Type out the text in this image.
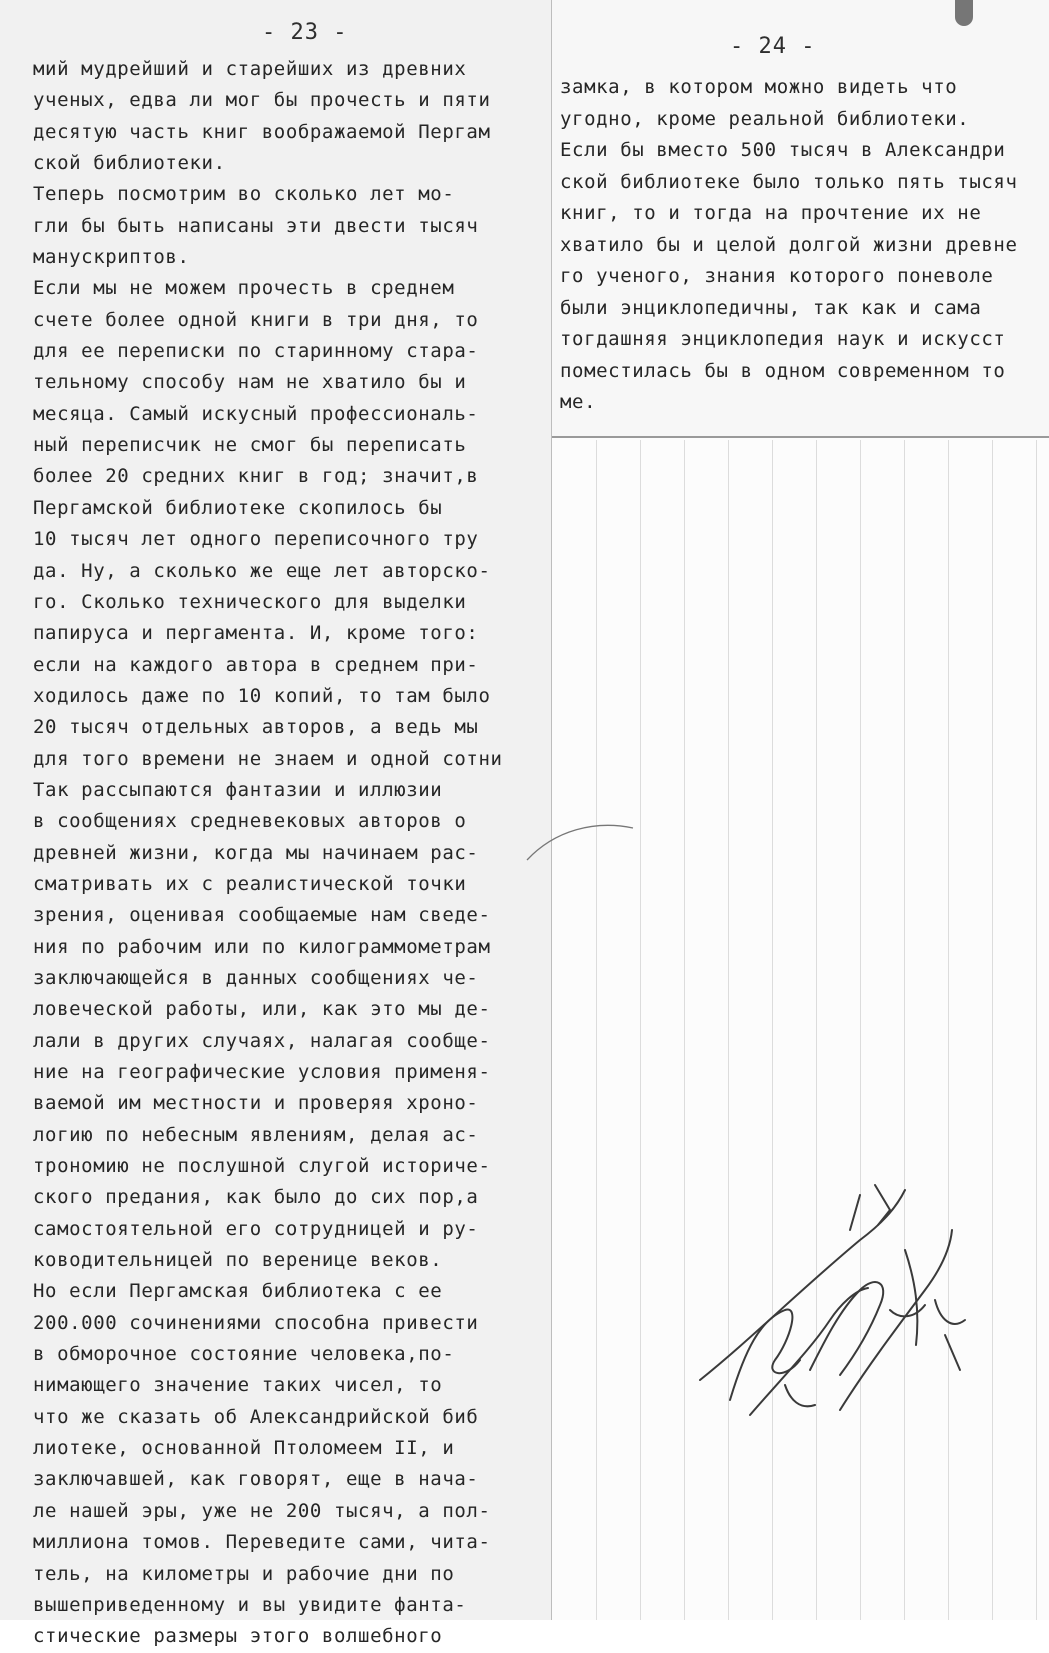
- 23 -
- 24 -
мий мудрейший и старейших из древних
ученых, едва ли мог бы прочесть и пяти
десятую часть книг воображаемой Пергам
ской библиотеки.
Теперь посмотрим во сколько лет мо-
гли бы быть написаны эти двести тысяч
манускриптов.
Если мы не можем прочесть в среднем
счете более одной книги в три дня, то
для ее переписки по старинному стара-
тельному способу нам не хватило бы и
месяца. Самый искусный профессиональ-
ный переписчик не смог бы переписать
более 20 средних книг в год; значит,в
Пергамской библиотеке скопилось бы
10 тысяч лет одного переписочного тру
да. Ну, а сколько же еще лет авторско-
го. Сколько технического для выделки
папируса и пергамента. И, кроме того:
если на каждого автора в среднем при-
ходилось даже по 10 копий, то там было
20 тысяч отдельных авторов, а ведь мы
для того времени не знаем и одной сотни
Так рассыпаются фантазии и иллюзии
в сообщениях средневековых авторов о
древней жизни, когда мы начинаем рас-
сматривать их с реалистической точки
зрения, оценивая сообщаемые нам сведе-
ния по рабочим или по килограммометрам
заключающейся в данных сообщениях че-
ловеческой работы, или, как это мы де-
лали в других случаях, налагая сообще-
ние на географические условия применя-
ваемой им местности и проверяя хроно-
логию по небесным явлениям, делая ас-
трономию не послушной слугой историче-
ского предания, как было до сих пор,а
самостоятельной его сотрудницей и ру-
ководительницей по вереницe веков.
Но если Пергамская библиотека с ее
200.000 сочинениями способна привести
в обморочное состояние человека,по-
нимающего значение таких чисел, то
что же сказать об Александрийской биб
лиотеке, основанной Птоломеем II, и
заключавшей, как говорят, еще в нача-
ле нашей эры, уже не 200 тысяч, а пол-
миллиона томов. Переведите сами, чита-
тель, на километры и рабочие дни по
вышеприведенному и вы увидите фанта-
стические размеры этого волшебного
замка, в котором можно видеть что
угодно, кроме реальной библиотеки.
Если бы вместо 500 тысяч в Александри
ской библиотеке было только пять тысяч
книг, то и тогда на прочтение их не
хватило бы и целой долгой жизни древне
го ученого, знания которого поневоле
были энциклопедичны, так как и сама
тогдашняя энциклопедия наук и искусст
поместилась бы в одном современном то
ме.
